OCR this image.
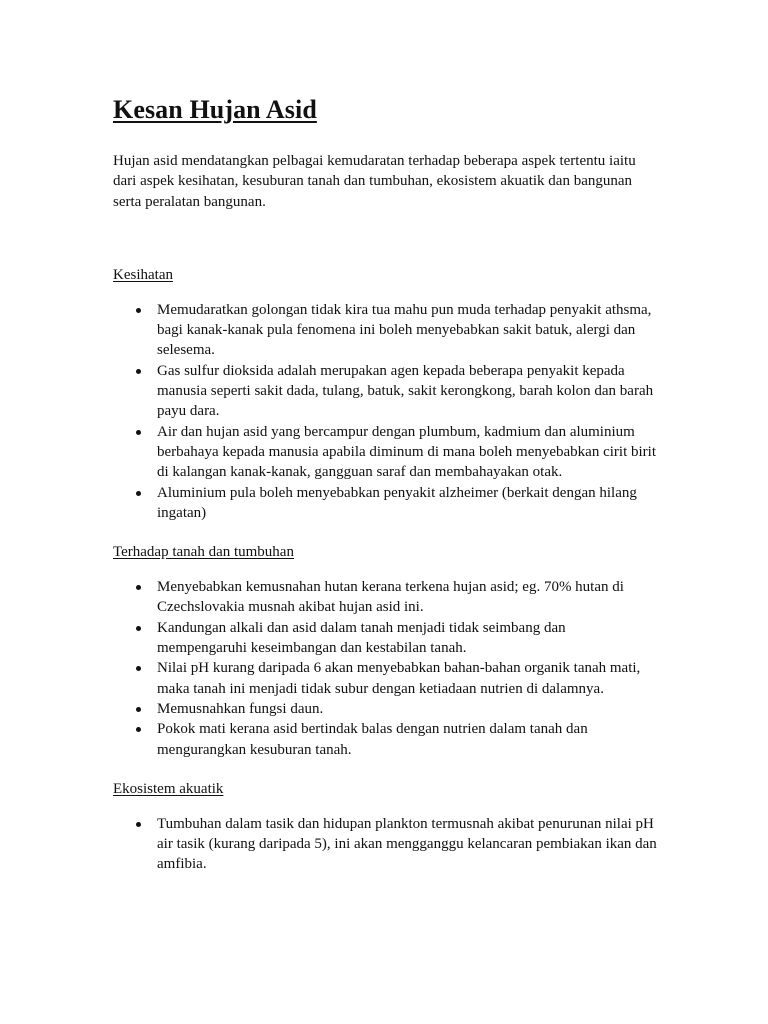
Kesan Hujan Asid

Hujan asid mendatangkan pelbagai kemudaratan terhadap beberapa aspek tertentu iaitu dari aspek kesihatan, kesuburan tanah dan tumbuhan, ekosistem akuatik dan bangunan serta peralatan bangunan.

Kesihatan
Memudaratkan golongan tidak kira tua mahu pun muda terhadap penyakit athsma, bagi kanak-kanak pula fenomena ini boleh menyebabkan sakit batuk, alergi dan selesema.
Gas sulfur dioksida adalah merupakan agen kepada beberapa penyakit kepada manusia seperti sakit dada, tulang, batuk, sakit kerongkong, barah kolon dan barah payu dara.
Air dan hujan asid yang bercampur dengan plumbum, kadmium dan aluminium berbahaya kepada manusia apabila diminum di mana boleh menyebabkan cirit birit di kalangan kanak-kanak, gangguan saraf dan membahayakan otak.
Aluminium pula boleh menyebabkan penyakit alzheimer (berkait dengan hilang ingatan)
Terhadap tanah dan tumbuhan
Menyebabkan kemusnahan hutan kerana terkena hujan asid; eg. 70% hutan di Czechslovakia musnah akibat hujan asid ini.
Kandungan alkali dan asid dalam tanah menjadi tidak seimbang dan mempengaruhi keseimbangan dan kestabilan tanah.
Nilai pH kurang daripada 6 akan menyebabkan bahan-bahan organik tanah mati, maka tanah ini menjadi tidak subur dengan ketiadaan nutrien di dalamnya.
Memusnahkan fungsi daun.
Pokok mati kerana asid bertindak balas dengan nutrien dalam tanah dan mengurangkan kesuburan tanah.
Ekosistem akuatik
Tumbuhan dalam tasik dan hidupan plankton termusnah akibat penurunan nilai pH air tasik (kurang daripada 5), ini akan mengganggu kelancaran pembiakan ikan dan amfibia.
